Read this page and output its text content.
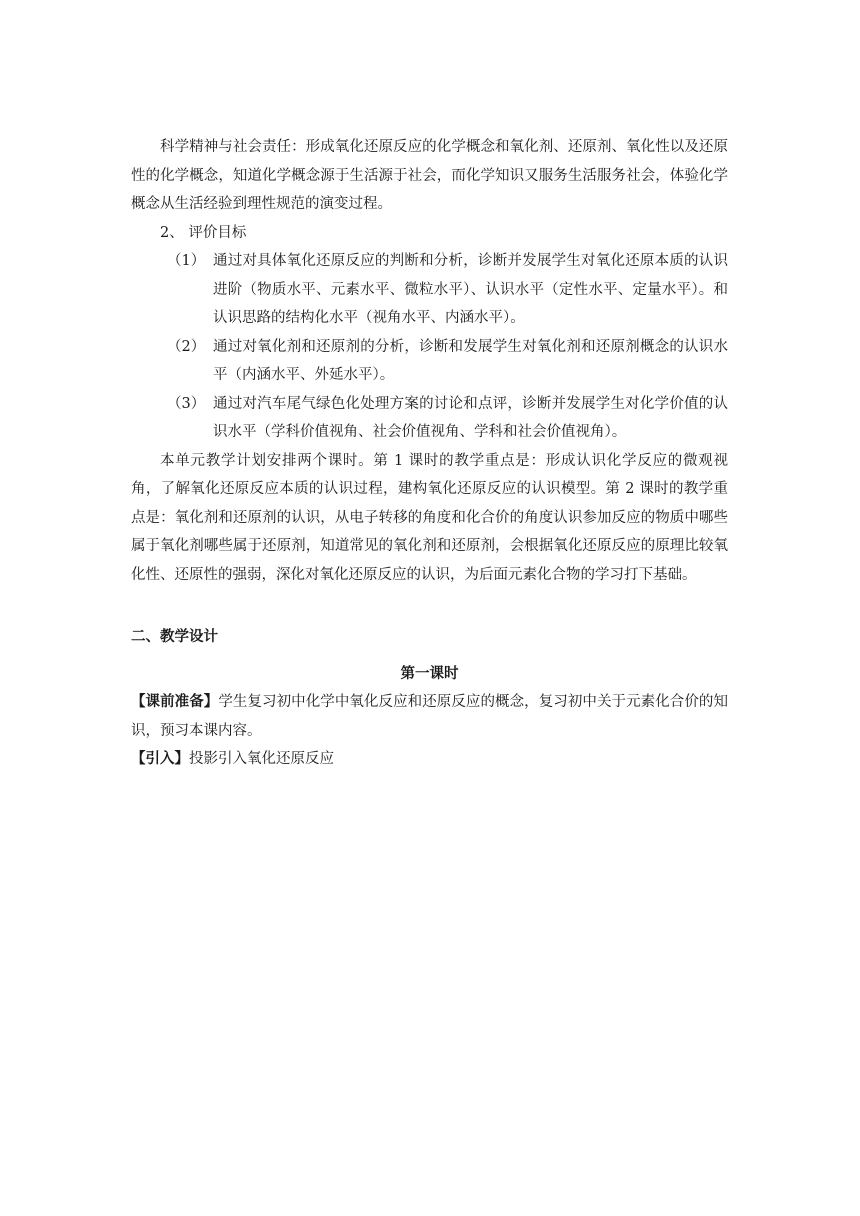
科学精神与社会责任：形成氧化还原反应的化学概念和氧化剂、还原剂、氧化性以及还原性的化学概念，知道化学概念源于生活源于社会，而化学知识又服务生活服务社会，体验化学概念从生活经验到理性规范的演变过程。

2、 评价目标

（1） 通过对具体氧化还原反应的判断和分析，诊断并发展学生对氧化还原本质的认识进阶（物质水平、元素水平、微粒水平）、认识水平（定性水平、定量水平）。和认识思路的结构化水平（视角水平、内涵水平）。

（2） 通过对氧化剂和还原剂的分析，诊断和发展学生对氧化剂和还原剂概念的认识水平（内涵水平、外延水平）。

（3） 通过对汽车尾气绿色化处理方案的讨论和点评，诊断并发展学生对化学价值的认识水平（学科价值视角、社会价值视角、学科和社会价值视角）。

本单元教学计划安排两个课时。第 1 课时的教学重点是：形成认识化学反应的微观视角，了解氧化还原反应本质的认识过程，建构氧化还原反应的认识模型。第 2 课时的教学重点是：氧化剂和还原剂的认识，从电子转移的角度和化合价的角度认识参加反应的物质中哪些属于氧化剂哪些属于还原剂，知道常见的氧化剂和还原剂，会根据氧化还原反应的原理比较氧化性、还原性的强弱，深化对氧化还原反应的认识，为后面元素化合物的学习打下基础。

二、教学设计
第一课时

【课前准备】学生复习初中化学中氧化反应和还原反应的概念，复习初中关于元素化合价的知识，预习本课内容。

【引入】投影引入氧化还原反应
